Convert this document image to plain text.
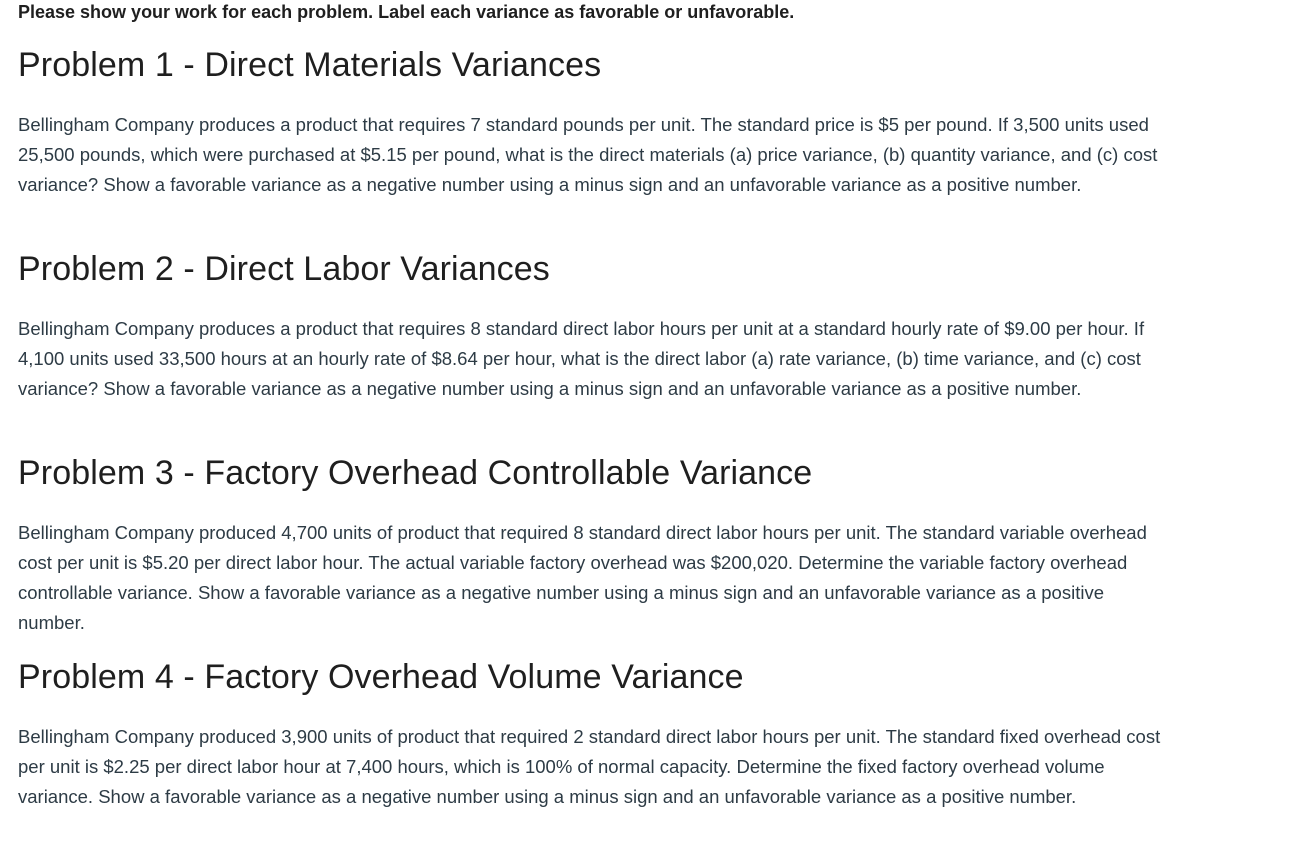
Please show your work for each problem. Label each variance as favorable or unfavorable.
Problem 1 - Direct Materials Variances

Bellingham Company produces a product that requires 7 standard pounds per unit. The standard price is $5 per pound. If 3,500 units used 25,500 pounds, which were purchased at $5.15 per pound, what is the direct materials (a) price variance, (b) quantity variance, and (c) cost variance? Show a favorable variance as a negative number using a minus sign and an unfavorable variance as a positive number.

Problem 2 - Direct Labor Variances

Bellingham Company produces a product that requires 8 standard direct labor hours per unit at a standard hourly rate of $9.00 per hour. If 4,100 units used 33,500 hours at an hourly rate of $8.64 per hour, what is the direct labor (a) rate variance, (b) time variance, and (c) cost variance? Show a favorable variance as a negative number using a minus sign and an unfavorable variance as a positive number.

Problem 3 - Factory Overhead Controllable Variance

Bellingham Company produced 4,700 units of product that required 8 standard direct labor hours per unit. The standard variable overhead cost per unit is $5.20 per direct labor hour. The actual variable factory overhead was $200,020. Determine the variable factory overhead controllable variance. Show a favorable variance as a negative number using a minus sign and an unfavorable variance as a positive number.

Problem 4 - Factory Overhead Volume Variance

Bellingham Company produced 3,900 units of product that required 2 standard direct labor hours per unit. The standard fixed overhead cost per unit is $2.25 per direct labor hour at 7,400 hours, which is 100% of normal capacity. Determine the fixed factory overhead volume variance. Show a favorable variance as a negative number using a minus sign and an unfavorable variance as a positive number.
